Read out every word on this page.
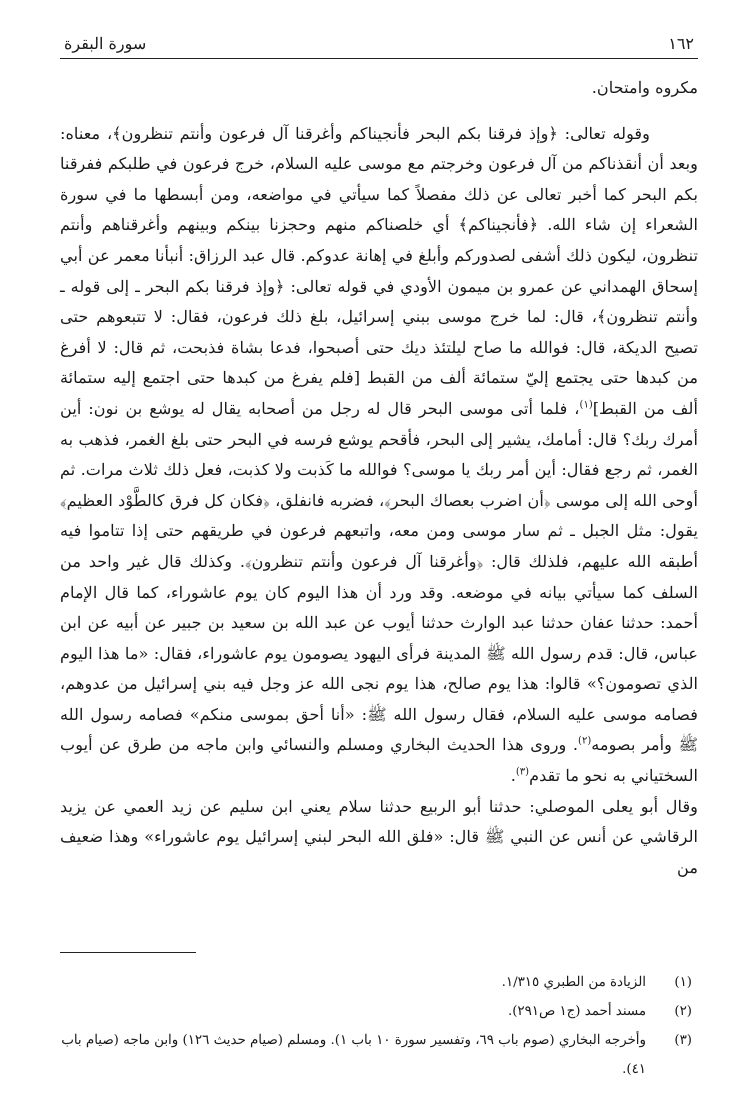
١٦٢
سورة البقرة

مكروه وامتحان.

وقوله تعالى: ﴿وإذ فرقنا بكم البحر فأنجيناكم وأغرقنا آل فرعون وأنتم تنظرون﴾، معناه: وبعد أن أنقذناكم من آل فرعون وخرجتم مع موسى عليه السلام، خرج فرعون في طلبكم ففرقنا بكم البحر كما أخبر تعالى عن ذلك مفصلاً كما سيأتي في مواضعه، ومن أبسطها ما في سورة الشعراء إن شاء الله. ﴿فأنجيناكم﴾ أي خلصناكم منهم وحجزنا بينكم وبينهم وأغرقناهم وأنتم تنظرون، ليكون ذلك أشفى لصدوركم وأبلغ في إهانة عدوكم. قال عبد الرزاق: أنبأنا معمر عن أبي إسحاق الهمداني عن عمرو بن ميمون الأودي في قوله تعالى: ﴿وإذ فرقنا بكم البحر ـ إلى قوله ـ وأنتم تنظرون﴾، قال: لما خرج موسى ببني إسرائيل، بلغ ذلك فرعون، فقال: لا تتبعوهم حتى تصيح الديكة، قال: فوالله ما صاح ليلتئذ ديك حتى أصبحوا، فدعا بشاة فذبحت، ثم قال: لا أفرغ من كبدها حتى يجتمع إليّ ستمائة ألف من القبط [فلم يفرغ من كبدها حتى اجتمع إليه ستمائة ألف من القبط]$^{(١)}$، فلما أتى موسى البحر قال له رجل من أصحابه يقال له يوشع بن نون: أين أمرك ربك؟ قال: أمامك، يشير إلى البحر، فأقحم يوشع فرسه في البحر حتى بلغ الغمر، فذهب به الغمر، ثم رجع فقال: أين أمر ربك يا موسى؟ فوالله ما كَذبت ولا كذبت، فعل ذلك ثلاث مرات. ثم أوحى الله إلى موسى ﴿أن اضرب بعصاك البحر﴾، فضربه فانفلق، ﴿فكان كل فرق كالطَّوْد العظيم﴾ يقول: مثل الجبل ـ ثم سار موسى ومن معه، واتبعهم فرعون في طريقهم حتى إذا تتاموا فيه أطبقه الله عليهم، فلذلك قال: ﴿وأغرقنا آل فرعون وأنتم تنظرون﴾. وكذلك قال غير واحد من السلف كما سيأتي بيانه في موضعه. وقد ورد أن هذا اليوم كان يوم عاشوراء، كما قال الإمام أحمد: حدثنا عفان حدثنا عبد الوارث حدثنا أيوب عن عبد الله بن سعيد بن جبير عن أبيه عن ابن عباس، قال: قدم رسول الله ﷺ المدينة فرأى اليهود يصومون يوم عاشوراء، فقال: «ما هذا اليوم الذي تصومون؟» قالوا: هذا يوم صالح، هذا يوم نجى الله عز وجل فيه بني إسرائيل من عدوهم، فصامه موسى عليه السلام، فقال رسول الله ﷺ: «أنا أحق بموسى منكم» فصامه رسول الله ﷺ وأمر بصومه$^{(٢)}$. وروى هذا الحديث البخاري ومسلم والنسائي وابن ماجه من طرق عن أيوب السختياني به نحو ما تقدم$^{(٣)}$.

وقال أبو يعلى الموصلي: حدثنا أبو الربيع حدثنا سلام يعني ابن سليم عن زيد العمي عن يزيد الرقاشي عن أنس عن النبي ﷺ قال: «فلق الله البحر لبني إسرائيل يوم عاشوراء» وهذا ضعيف من

(١)
الزيادة من الطبري ١/٣١٥.
(٢)
مسند أحمد (ج١ ص٢٩١).
(٣)
وأخرجه البخاري (صوم باب ٦٩، وتفسير سورة ١٠ باب ١). ومسلم (صيام حديث ١٢٦) وابن ماجه (صيام باب ٤١).
